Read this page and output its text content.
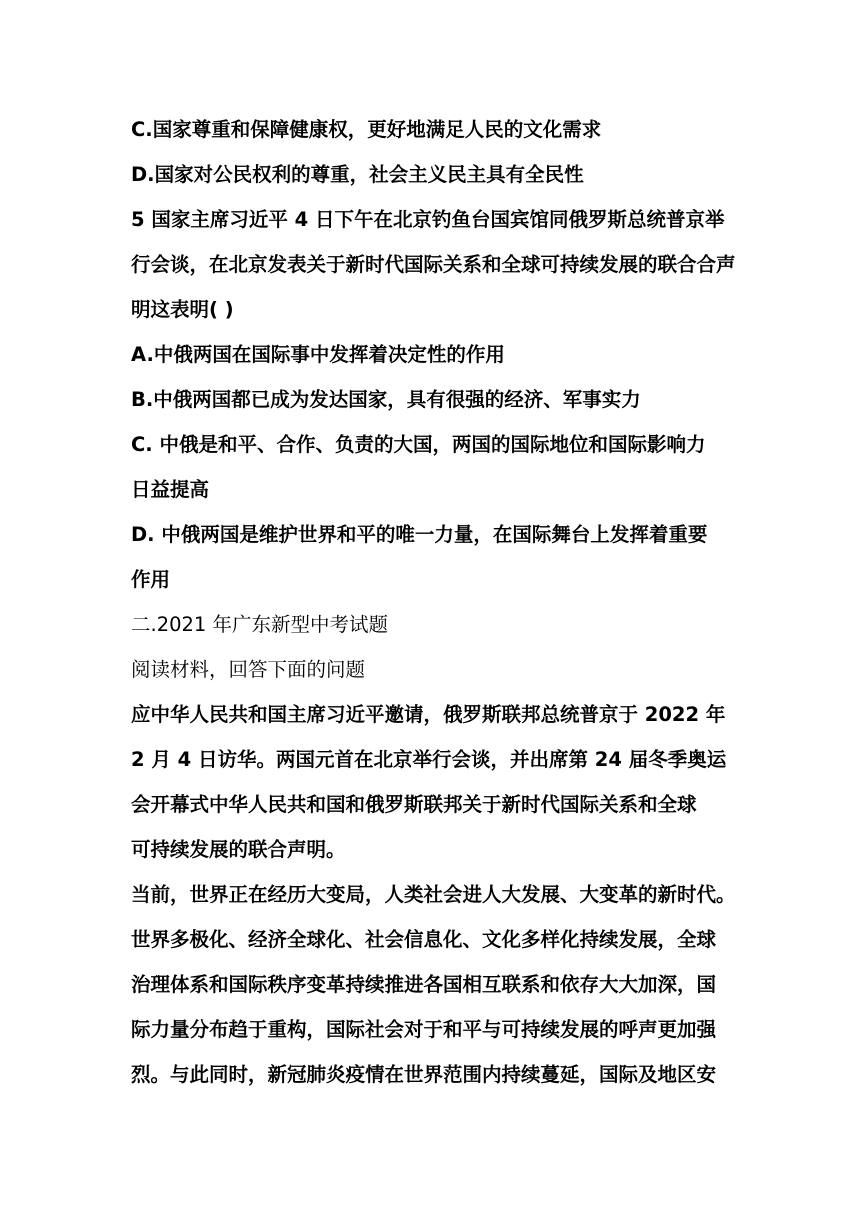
C.国家尊重和保障健康权，更好地满足人民的文化需求
D.国家对公民权利的尊重，社会主义民主具有全民性
5 国家主席习近平 4 日下午在北京钓鱼台国宾馆同俄罗斯总统普京举
行会谈，在北京发表关于新时代国际关系和全球可持续发展的联合合声
明这表明( )
A.中俄两国在国际事中发挥着决定性的作用
B.中俄两国都已成为发达国家，具有很强的经济、军事实力
C. 中俄是和平、合作、负责的大国，两国的国际地位和国际影响力
日益提高
D. 中俄两国是维护世界和平的唯一力量，在国际舞台上发挥着重要
作用
二.2021 年广东新型中考试题
阅读材料，回答下面的问题
应中华人民共和国主席习近平邀请，俄罗斯联邦总统普京于 2022 年
2 月 4 日访华。两国元首在北京举行会谈，并出席第 24 届冬季奥运
会开幕式中华人民共和国和俄罗斯联邦关于新时代国际关系和全球
可持续发展的联合声明。
当前，世界正在经历大变局，人类社会进人大发展、大变革的新时代。
世界多极化、经济全球化、社会信息化、文化多样化持续发展，全球
治理体系和国际秩序变革持续推进各国相互联系和依存大大加深，国
际力量分布趋于重构，国际社会对于和平与可持续发展的呼声更加强
烈。与此同时，新冠肺炎疫情在世界范围内持续蔓延，国际及地区安
